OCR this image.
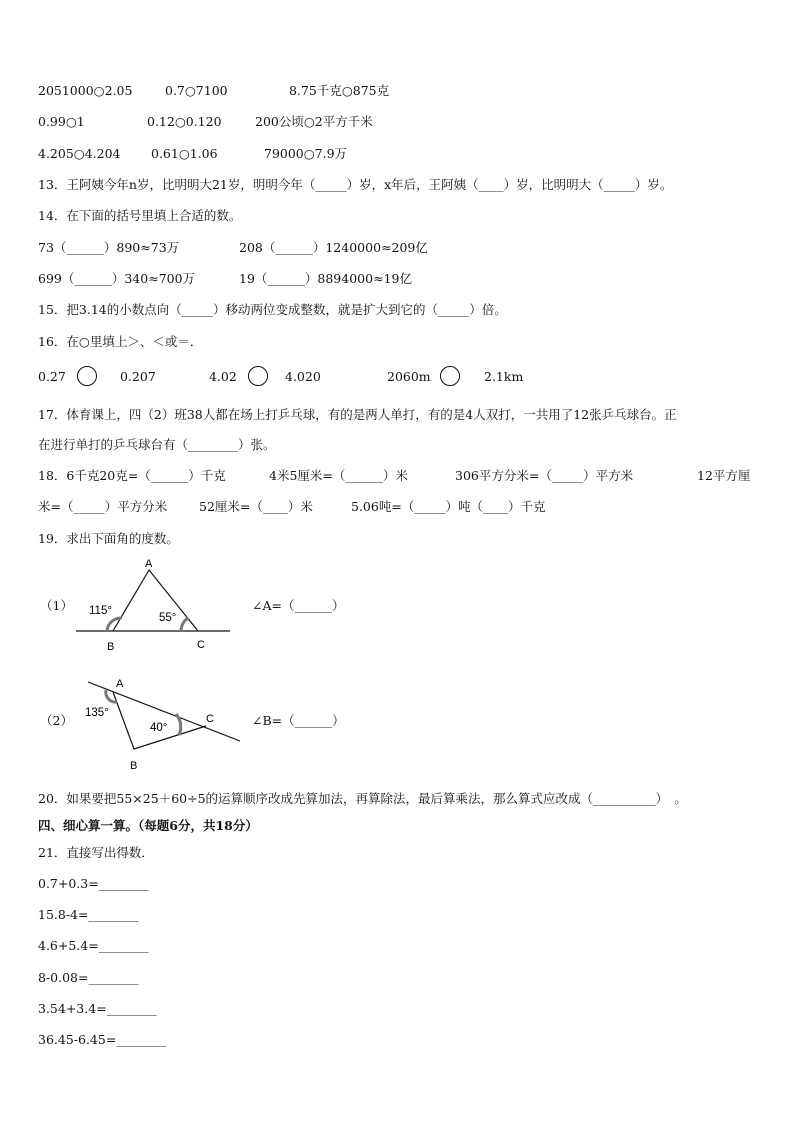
2051000○2.05	0.7○7100	8.75千克○875克
0.99○1	0.12○0.120	200公顷○2平方千米
4.205○4.204 0.61○1.06	79000○7.9万
13．王阿姨今年n岁，比明明大21岁，明明今年（_____）岁，x年后，王阿姨（____）岁，比明明大（_____）岁。
14．在下面的括号里填上合适的数。
73（______）890≈73万	208（______）1240000≈209亿
699（______）340≈700万	19（______）8894000≈19亿
15．把3.14的小数点向（_____）移动两位变成整数，就是扩大到它的（_____）倍。
16．在○里填上＞、＜或＝．
0.27	0.207	4.02	4.020	2060m	2.1km
17．体育课上，四（2）班38人都在场上打乒乓球，有的是两人单打，有的是4人双打，一共用了12张乒乓球台。正
在进行单打的乒乓球台有（________）张。
18．6千克20克=（______）千克	4米5厘米=（______）米	306平方分米=（_____）平方米	12平方厘
米=（_____）平方分米	52厘米=（____）米	5.06吨=（_____）吨（____）千克
19．求出下面角的度数。
（1）
A
B	C
115°
55°
∠A=（______）
（2）
A
B
C
135°
40°	∠B=（______）
20．如果要把55×25＋60÷5的运算顺序改成先算加法，再算除法，最后算乘法，那么算式应改成（__________）　。
四、细心算一算。（每题6分，共18分）
21．直接写出得数．
0.7+0.3=________
15.8-4=________
4.6+5.4=________
8-0.08=________
3.54+3.4=________
36.45-6.45=________
